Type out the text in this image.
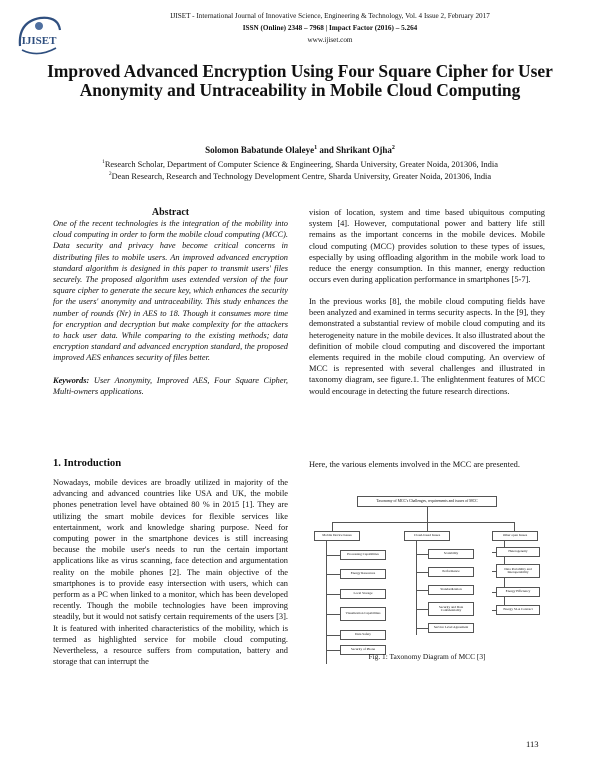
IJISET
IJISET - International Journal of Innovative Science, Engineering & Technology, Vol. 4 Issue 2, February 2017
ISSN (Online) 2348 – 7968 | Impact Factor (2016) – 5.264
www.ijiset.com
Improved Advanced Encryption Using Four Square Cipher for User Anonymity and Untraceability in Mobile Cloud Computing
Solomon Babatunde Olaleye$^1$ and Shrikant Ojha$^2$
$^1$Research Scholar, Department of Computer Science & Engineering, Sharda University, Greater Noida, 201306, India
$^2$Dean Research, Research and Technology Development Centre, Sharda University, Greater Noida, 201306, India
Abstract

One of the recent technologies is the integration of the mobility into cloud computing in order to form the mobile cloud computing (MCC). Data security and privacy have become critical concerns in distributing files to mobile users. An improved advanced encryption standard algorithm is designed in this paper to transmit users' files securely. The proposed algorithm uses extended version of the four square cipher to generate the secure key, which enhances the security for the users' anonymity and untraceability. This study enhances the number of rounds (Nr) in AES to 18. Though it consumes more time for encryption and decryption but make complexity for the attackers to hack user data. While comparing to the existing methods; data encryption standard and advanced encryption standard, the proposed improved AES enhances security of files better.

Keywords: User Anonymity, Improved AES, Four Square Cipher, Multi-owners applications.

1. Introduction
Nowadays, mobile devices are broadly utilized in majority of the advancing and advanced countries like USA and UK, the mobile phones penetration level have obtained 80 % in 2015 [1]. They are utilizing the smart mobile devices for flexible services like entertainment, work and knowledge sharing purpose. Need for computing power in the smartphone devices is still increasing because the mobile user's needs to run the certain important applications like as virus scanning, face detection and argumentation reality on the mobile phones [2]. The main objective of the smartphones is to provide easy intersection with users, which can perform as a PC when linked to a monitor, which has been developed recently. Though the mobile technologies have been improving steadily, but it would not satisfy certain requirements of the users [3]. It is featured with inherited characteristics of the mobility, which is termed as highlighted service for mobile cloud computing. Nevertheless, a resource suffers from computation, battery and storage that can interrupt the
vision of location, system and time based ubiquitous computing system [4]. However, computational power and battery life still remains as the important concerns in the mobile devices. Mobile cloud computing (MCC) provides solution to these types of issues, especially by using offloading algorithm in the mobile work load to reduce the energy consumption. In this manner, energy reduction occurs even during application performance in smartphones [5-7].
In the previous works [8], the mobile cloud computing fields have been analyzed and examined in terms security aspects. In the [9], they demonstrated a substantial review of mobile cloud computing and its heterogeneity nature in the mobile devices. It also illustrated about the definition of mobile cloud computing and discovered the important elements required in the mobile cloud computing. An overview of MCC is represented with several challenges and illustrated in taxonomy diagram, see figure.1. The enlightenment features of MCC would encourage in detecting the future research directions.
Here, the various elements involved in the MCC are presented.
Taxonomy of MCC's Challenges, requirements and issues of MCC
Mobile Device Issues	Cloud-based Issues	Other open Issues
Processing Capabilities
Energy Resources
Local Storage
Visualization Capabilities
Data Safety
Security of Phone
Scalability
Performance
Standardization
Security and Data Confidentiality
Service Level Agreement
Heterogeneity
Data Portability and Interoperability
Energy Efficiency
Energy SLA Contract
Fig. 1: Taxonomy Diagram of MCC [3]
113
